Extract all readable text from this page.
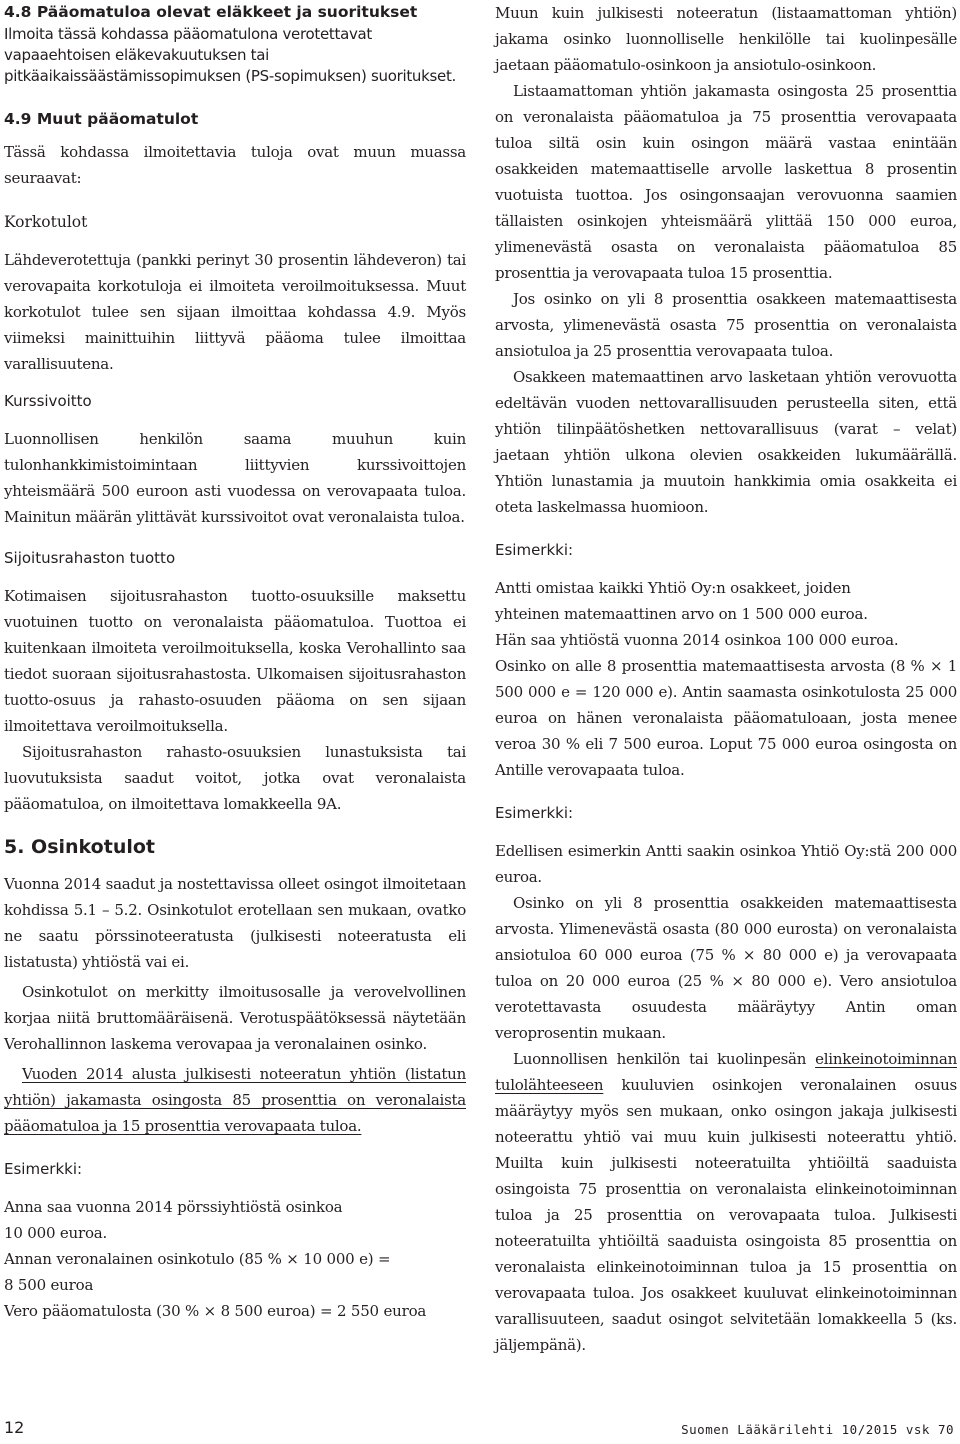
4.8 Pääomatuloa olevat eläkkeet ja suoritukset

Ilmoita tässä kohdassa pääomatulona verotettavat vapaaehtoisen eläkevakuutuksen tai pitkäaikaissäästämissopimuksen (PS-sopimuksen) suoritukset.

4.9 Muut pääomatulot

Tässä kohdassa ilmoitettavia tuloja ovat muun muassa seuraavat:

Korkotulot

Lähdeverotettuja (pankki perinyt 30 prosentin lähdeveron) tai verovapaita korkotuloja ei ilmoiteta veroilmoituksessa. Muut korkotulot tulee sen sijaan ilmoittaa kohdassa 4.9. Myös viimeksi mainittuihin liittyvä pääoma tulee ilmoittaa varallisuutena.

Kurssivoitto

Luonnollisen henkilön saama muuhun kuin tulonhankkimistoimintaan liittyvien kurssivoittojen yhteismäärä 500 euroon asti vuodessa on verovapaata tuloa. Mainitun määrän ylittävät kurssivoitot ovat veronalaista tuloa.

Sijoitusrahaston tuotto

Kotimaisen sijoitusrahaston tuotto-osuuksille maksettu vuotuinen tuotto on veronalaista pääomatuloa. Tuottoa ei kuitenkaan ilmoiteta veroilmoituksella, koska Verohallinto saa tiedot suoraan sijoitusrahastosta. Ulkomaisen sijoitusrahaston tuotto-osuus ja rahasto-osuuden pääoma on sen sijaan ilmoitettava veroilmoituksella.

Sijoitusrahaston rahasto-osuuksien lunastuksista tai luovutuksista saadut voitot, jotka ovat veronalaista pääomatuloa, on ilmoitettava lomakkeella 9A.

5. Osinkotulot

Vuonna 2014 saadut ja nostettavissa olleet osingot ilmoitetaan kohdissa 5.1 – 5.2. Osinkotulot erotellaan sen mukaan, ovatko ne saatu pörssinoteeratusta (julkisesti noteeratusta eli listatusta) yhtiöstä vai ei.

Osinkotulot on merkitty ilmoitusosalle ja verovelvollinen korjaa niitä bruttomääräisenä. Verotuspäätöksessä näytetään Verohallinnon laskema verovapaa ja veronalainen osinko.

Vuoden 2014 alusta julkisesti noteeratun yhtiön (listatun yhtiön) jakamasta osingosta 85 prosenttia on veronalaista pääomatuloa ja 15 prosenttia verovapaata tuloa.

Esimerkki:
Anna saa vuonna 2014 pörssiyhtiöstä osinkoa
10 000 euroa.
Annan veronalainen osinkotulo (85 % × 10 000 e) =
8 500 euroa
Vero pääomatulosta (30 % × 8 500 euroa) = 2 550 euroa

Muun kuin julkisesti noteeratun (listaamattoman yhtiön) jakama osinko luonnolliselle henkilölle tai kuolinpesälle jaetaan pääomatulo-osinkoon ja ansiotulo-osinkoon.

Listaamattoman yhtiön jakamasta osingosta 25 prosenttia on veronalaista pääomatuloa ja 75 prosenttia verovapaata tuloa siltä osin kuin osingon määrä vastaa enintään osakkeiden matemaattiselle arvolle laskettua 8 prosentin vuotuista tuottoa. Jos osingonsaajan verovuonna saamien tällaisten osinkojen yhteismäärä ylittää 150 000 euroa, ylimenevästä osasta on veronalaista pääomatuloa 85 prosenttia ja verovapaata tuloa 15 prosenttia.

Jos osinko on yli 8 prosenttia osakkeen matemaattisesta arvosta, ylimenevästä osasta 75 prosenttia on veronalaista ansiotuloa ja 25 prosenttia verovapaata tuloa.

Osakkeen matemaattinen arvo lasketaan yhtiön verovuotta edeltävän vuoden nettovarallisuuden perusteella siten, että yhtiön tilinpäätöshetken nettovarallisuus (varat – velat) jaetaan yhtiön ulkona olevien osakkeiden lukumäärällä. Yhtiön lunastamia ja muutoin hankkimia omia osakkeita ei oteta laskelmassa huomioon.

Esimerkki:
Antti omistaa kaikki Yhtiö Oy:n osakkeet, joiden
yhteinen matemaattinen arvo on 1 500 000 euroa.
Hän saa yhtiöstä vuonna 2014 osinkoa 100 000 euroa.

Osinko on alle 8 prosenttia matemaattisesta arvosta (8 % × 1 500 000 e = 120 000 e). Antin saamasta osinkotulosta 25 000 euroa on hänen veronalaista pääomatuloaan, josta menee veroa 30 % eli 7 500 euroa. Loput 75 000 euroa osingosta on Antille verovapaata tuloa.

Esimerkki:

Edellisen esimerkin Antti saakin osinkoa Yhtiö Oy:stä 200 000 euroa.

Osinko on yli 8 prosenttia osakkeiden matemaattisesta arvosta. Ylimenevästä osasta (80 000 eurosta) on veronalaista ansiotuloa 60 000 euroa (75 % × 80 000 e) ja verovapaata tuloa on 20 000 euroa (25 % × 80 000 e). Vero ansiotuloa verotettavasta osuudesta määräytyy Antin oman veroprosentin mukaan.

Luonnollisen henkilön tai kuolinpesän elinkeinotoiminnan tulolähteeseen kuuluvien osinkojen veronalainen osuus määräytyy myös sen mukaan, onko osingon jakaja julkisesti noteerattu yhtiö vai muu kuin julkisesti noteerattu yhtiö. Muilta kuin julkisesti noteeratuilta yhtiöiltä saaduista osingoista 75 prosenttia on veronalaista elinkeinotoiminnan tuloa ja 25 prosenttia on verovapaata tuloa. Julkisesti noteeratuilta yhtiöiltä saaduista osingoista 85 prosenttia on veronalaista elinkeinotoiminnan tuloa ja 15 prosenttia on verovapaata tuloa. Jos osakkeet kuuluvat elinkeinotoiminnan varallisuuteen, saadut osingot selvitetään lomakkeella 5 (ks. jäljempänä).

12	Suomen Lääkärilehti 10/2015 vsk 70
